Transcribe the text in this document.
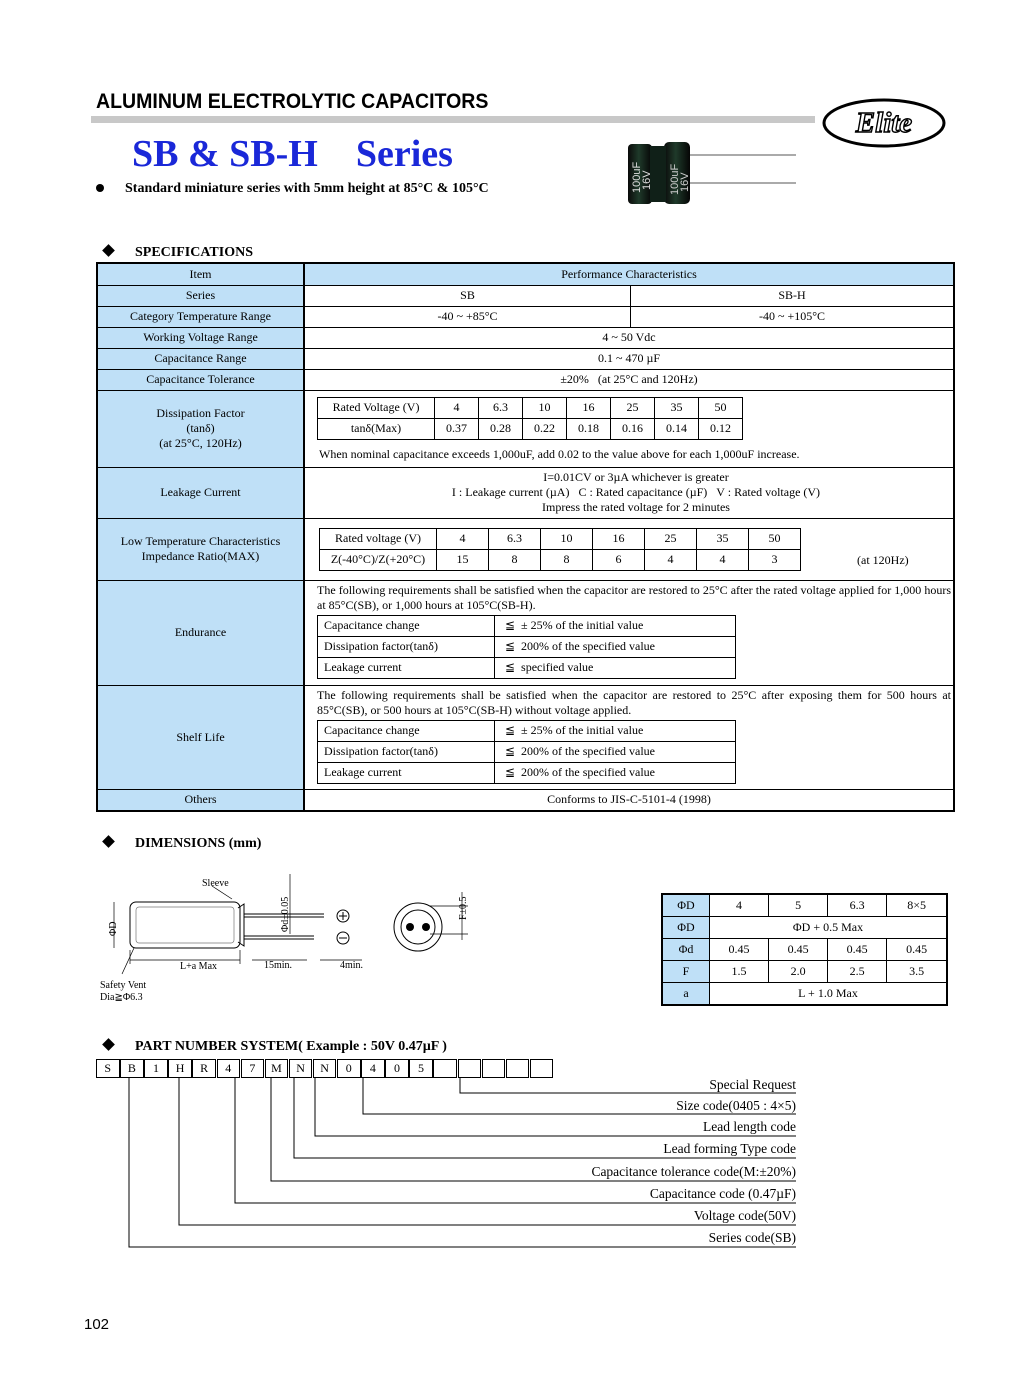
ALUMINUM ELECTROLYTIC CAPACITORS
Elite
SB & SB-H    Series
Standard miniature series with 5mm height at 85°C & 105°C	100uF
16V 100uF
16V
SPECIFICATIONS
Item	Performance Characteristics
Series	SB	SB-H
Category Temperature Range	-40 ~ +85°C	-40 ~ +105°C
Working Voltage Range	4 ~ 50 Vdc
Capacitance Range	0.1 ~ 470 µF
Capacitance Tolerance	±20%   (at 25°C and 120Hz)

Dissipation Factor
(tanδ)
(at 25°C, 120Hz)

Rated Voltage (V)	4	6.3	10	16	25	35	50
tanδ(Max)	0.37	0.28	0.22	0.18	0.16	0.14	0.12
When nominal capacitance exceeds 1,000uF, add 0.02 to the value above for each 1,000uF increase.

Leakage Current	
I=0.01CV or 3µA whichever is greater
I : Leakage current (µA)   C : Rated capacitance (µF)   V : Rated voltage (V)
Impress the rated voltage for 2 minutes

Low Temperature Characteristics
Impedance Ratio(MAX)

Rated voltage (V)	4	6.3	10	16	25	35	50
Z(-40°C)/Z(+20°C)	15	8	8	6	4	4	3	(at 120Hz)

Endurance	
The following requirements shall be satisfied when the capacitor are restored to 25°C after the rated voltage applied for 1,000 hours at 85°C(SB), or 1,000 hours at 105°C(SB-H).
Capacitance change	≦  ± 25% of the initial value
Dissipation factor(tanδ)	≦  200% of the specified value
Leakage current	≦  specified value

Shelf Life	
The following requirements shall be satisfied when the capacitor are restored to 25°C after exposing them for 500 hours at 85°C(SB), or 500 hours at 105°C(SB-H) without voltage applied.
Capacitance change	≦  ± 25% of the initial value
Dissipation factor(tanδ)	≦  200% of the specified value
Leakage current	≦  200% of the specified value

Others	Conforms to JIS-C-5101-4 (1998)
DIMENSIONS (mm)
Sleeve
Φd±0.05
ΦD
L+a Max	15min.	4min.
Safety Vent
Dia≧Φ6.3
F±0.5	ΦD	4	5	6.3	8×5
ΦD	ΦD + 0.5 Max			
Φd	0.45	0.45	0.45	0.45
F	1.5	2.0	2.5	3.5
a	L + 1.0 Max			
PART NUMBER SYSTEM( Example : 50V 0.47µF )
S	B	1	H	R	4	7	M	N	N	0	4	0	5
Special Request
Size code(0405 : 4×5)
Lead length code
Lead forming Type code
Capacitance tolerance code(M:±20%)
Capacitance code (0.47µF)
Voltage code(50V)
Series code(SB)
102
